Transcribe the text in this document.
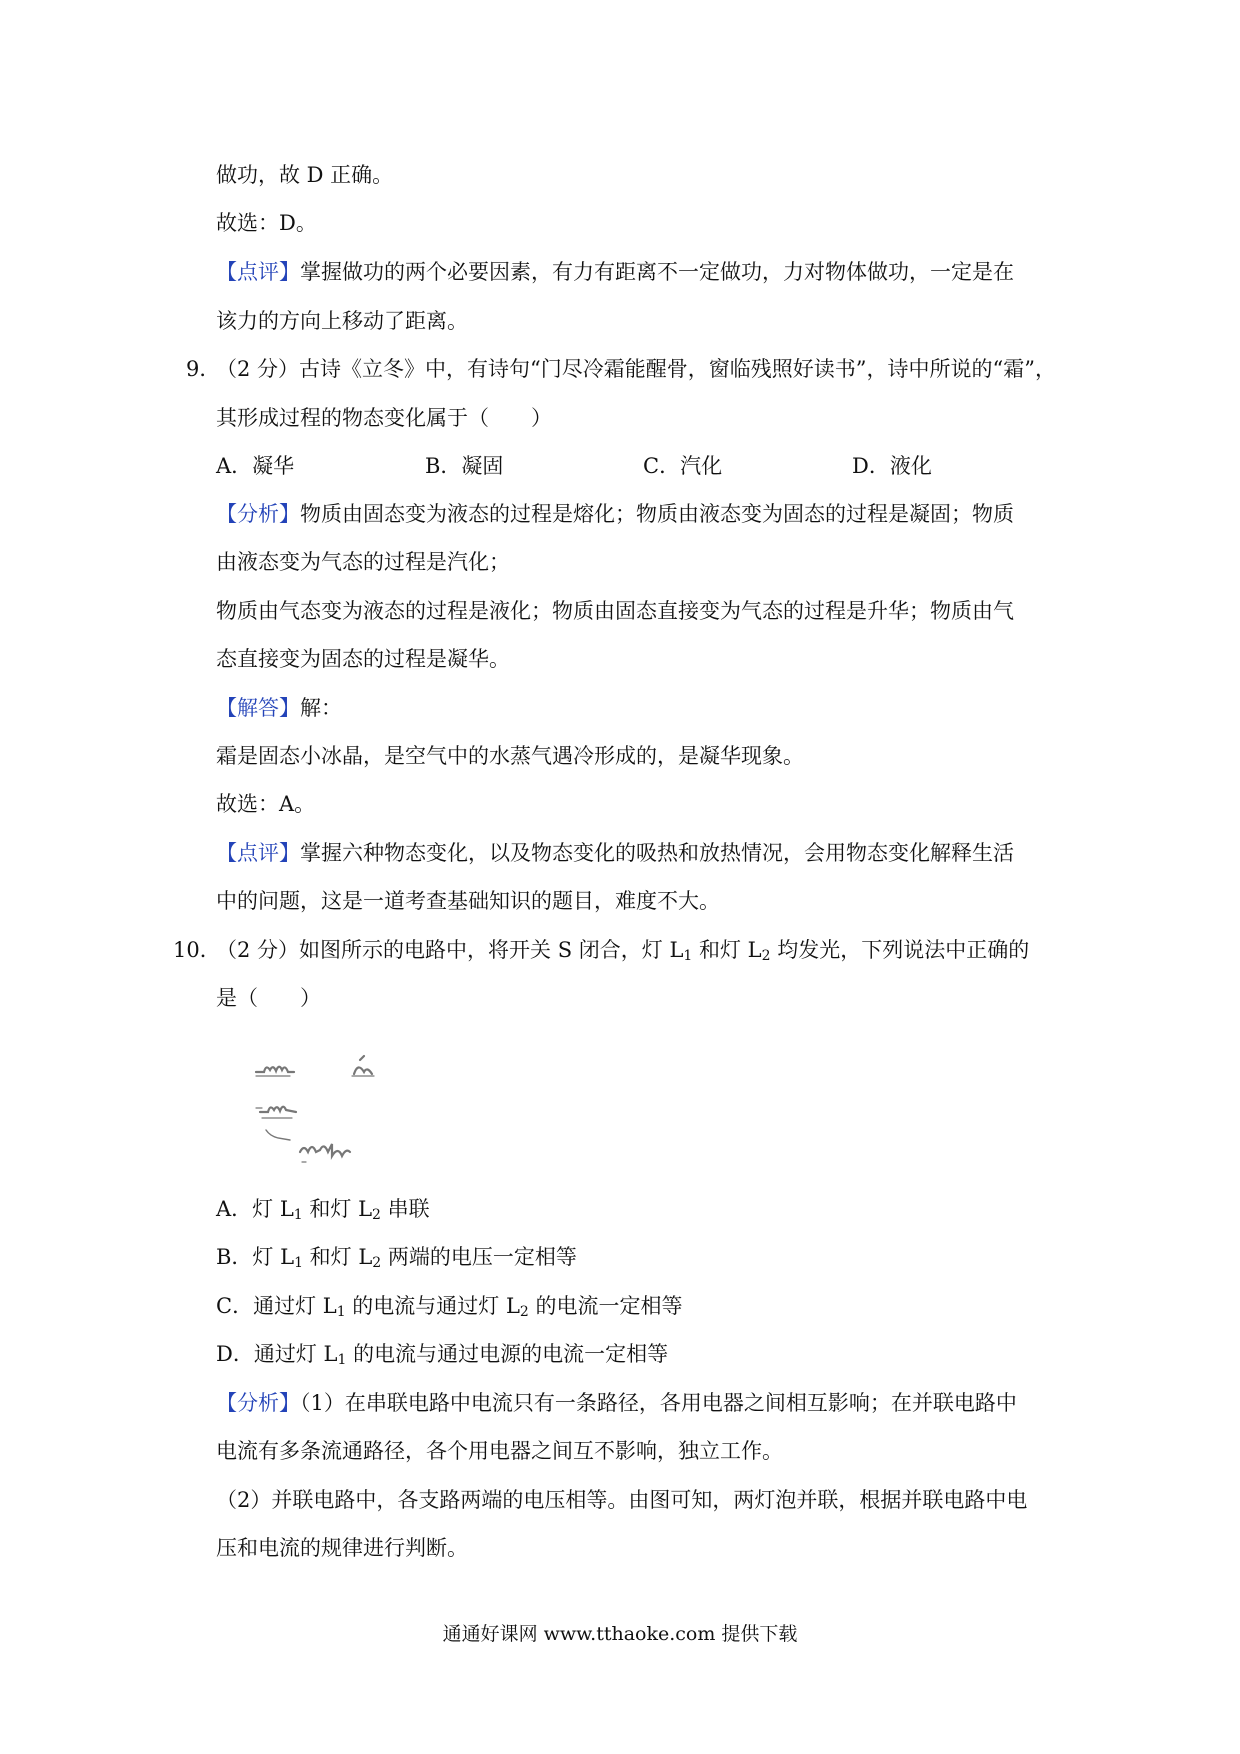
做功，故 D 正确。
故选：D。
【点评】掌握做功的两个必要因素，有力有距离不一定做功，力对物体做功，一定是在
该力的方向上移动了距离。
9．
（2 分）古诗《立冬》中，有诗句“门尽冷霜能醒骨，窗临残照好读书”，诗中所说的“霜”，
其形成过程的物态变化属于（　　）
A．凝华	B．凝固	C．汽化	D．液化
【分析】物质由固态变为液态的过程是熔化；物质由液态变为固态的过程是凝固；物质
由液态变为气态的过程是汽化；
物质由气态变为液态的过程是液化；物质由固态直接变为气态的过程是升华；物质由气
态直接变为固态的过程是凝华。
【解答】解：
霜是固态小冰晶，是空气中的水蒸气遇冷形成的，是凝华现象。
故选：A。
【点评】掌握六种物态变化，以及物态变化的吸热和放热情况，会用物态变化解释生活
中的问题，这是一道考查基础知识的题目，难度不大。
10．
（2 分）如图所示的电路中，将开关 S 闭合，灯 $L_1$ 和灯 $L_2$ 均发光，下列说法中正确的
是（　　）
A．灯 $L_1$ 和灯 $L_2$ 串联
B．灯 $L_1$ 和灯 $L_2$ 两端的电压一定相等
C．通过灯 $L_1$ 的电流与通过灯 $L_2$ 的电流一定相等
D．通过灯 $L_1$ 的电流与通过电源的电流一定相等
【分析】（1）在串联电路中电流只有一条路径，各用电器之间相互影响；在并联电路中
电流有多条流通路径，各个用电器之间互不影响，独立工作。
（2）并联电路中，各支路两端的电压相等。由图可知，两灯泡并联，根据并联电路中电
压和电流的规律进行判断。
通通好课网 www.tthaoke.com 提供下载
